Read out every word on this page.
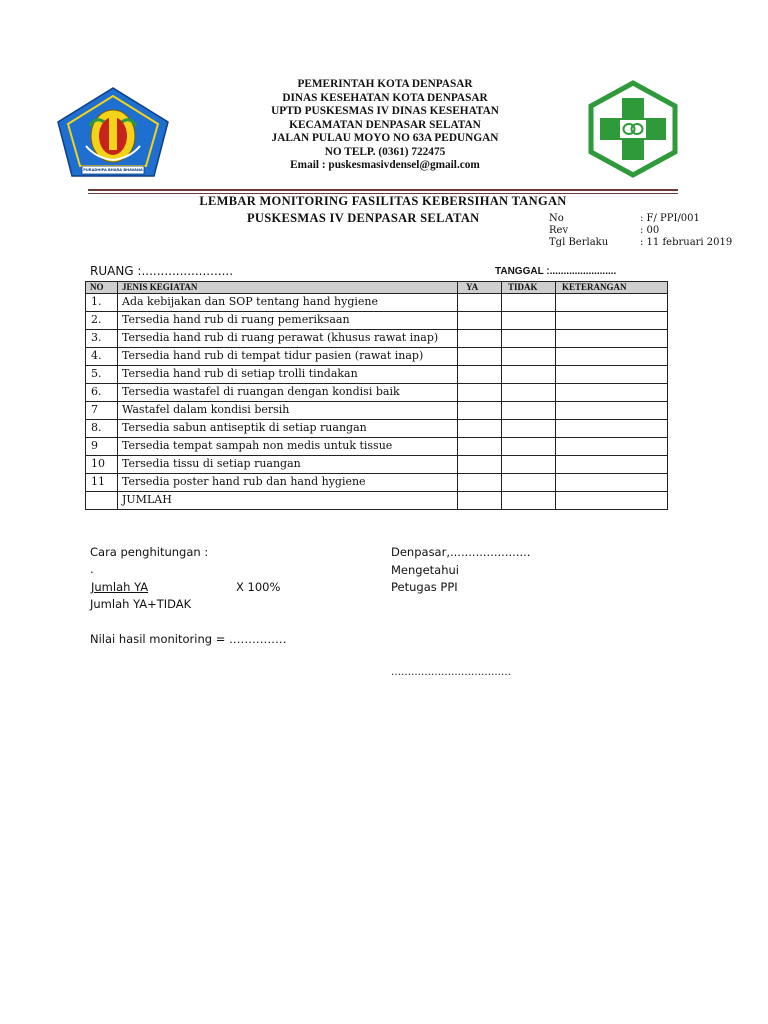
PURADHIPA BHARA BHAVANA
PEMERINTAH KOTA DENPASAR
DINAS KESEHATAN KOTA DENPASAR
UPTD PUSKESMAS IV DINAS KESEHATAN
KECAMATAN DENPASAR SELATAN
JALAN PULAU MOYO NO 63A PEDUNGAN
NO TELP. (0361) 722475
Email : puskesmasivdensel@gmail.com
LEMBAR MONITORING FASILITAS KEBERSIHAN TANGAN
PUSKESMAS IV DENPASAR SELATAN	No	: F/ PPI/001
Rev	: 00
Tgl Berlaku	: 11 februari 2019
RUANG :........................	TANGGAL :........................
NO	JENIS KEGIATAN	YA	TIDAK	KETERANGAN
1.	Ada kebijakan dan SOP tentang hand hygiene			
2.	Tersedia hand rub di ruang pemeriksaan			
3.	Tersedia hand rub di ruang perawat (khusus rawat inap)			
4.	Tersedia hand rub di tempat tidur pasien (rawat inap)			
5.	Tersedia hand rub di setiap trolli tindakan			
6.	Tersedia wastafel di ruangan dengan kondisi baik			
7	Wastafel dalam kondisi bersih			
8.	Tersedia sabun antiseptik di setiap ruangan			
9	Tersedia tempat sampah non medis untuk tissue			
10	Tersedia tissu di setiap ruangan			
11	Tersedia poster hand rub dan hand hygiene			
	JUMLAH			
Cara penghitungan :
.
Jumlah YA	X 100%
Jumlah YA+TIDAK
Nilai hasil monitoring = ……………
Denpasar,......................
Mengetahui
Petugas PPI
………………………………
